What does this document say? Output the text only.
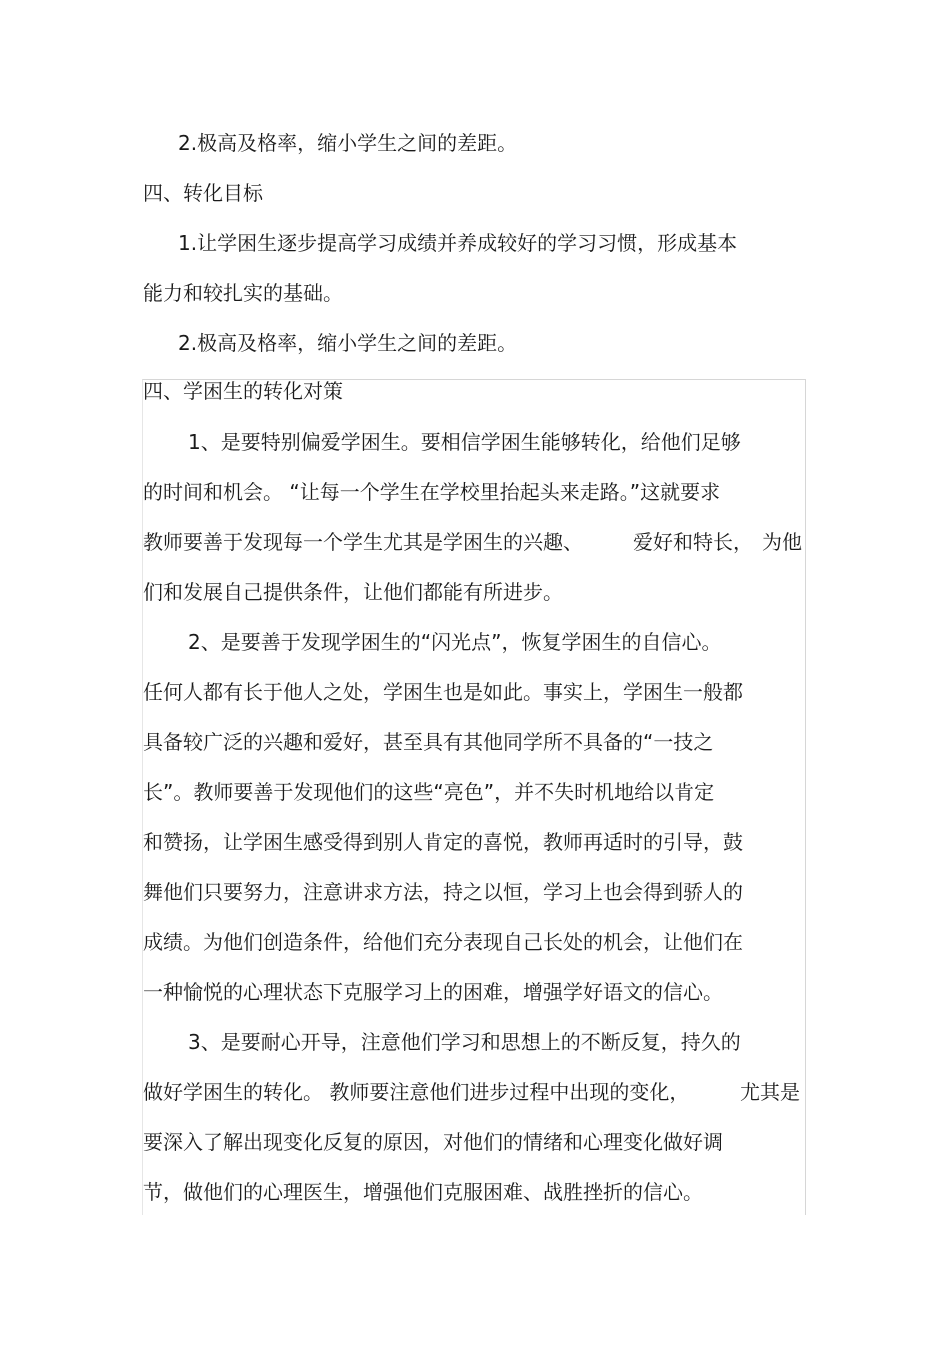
2.极高及格率，缩小学生之间的差距。
四、转化目标
1.让学困生逐步提高学习成绩并养成较好的学习习惯，形成基本
能力和较扎实的基础。
2.极高及格率，缩小学生之间的差距。
四、学困生的转化对策
1、是要特别偏爱学困生。要相信学困生能够转化，给他们足够
的时间和机会。 “让每一个学生在学校里抬起头来走路。”这就要求
教师要善于发现每一个学生尤其是学困生的兴趣、	爱好和特长， 为他
们和发展自己提供条件，让他们都能有所进步。
2、是要善于发现学困生的“闪光点”，恢复学困生的自信心。
任何人都有长于他人之处，学困生也是如此。事实上，学困生一般都
具备较广泛的兴趣和爱好，甚至具有其他同学所不具备的“一技之
长”。教师要善于发现他们的这些“亮色”，并不失时机地给以肯定
和赞扬，让学困生感受得到别人肯定的喜悦，教师再适时的引导，鼓
舞他们只要努力，注意讲求方法，持之以恒，学习上也会得到骄人的
成绩。为他们创造条件，给他们充分表现自己长处的机会，让他们在
一种愉悦的心理状态下克服学习上的困难，增强学好语文的信心。
3、是要耐心开导，注意他们学习和思想上的不断反复，持久的
做好学困生的转化。 教师要注意他们进步过程中出现的变化，	尤其是
要深入了解出现变化反复的原因，对他们的情绪和心理变化做好调
节，做他们的心理医生，增强他们克服困难、战胜挫折的信心。
